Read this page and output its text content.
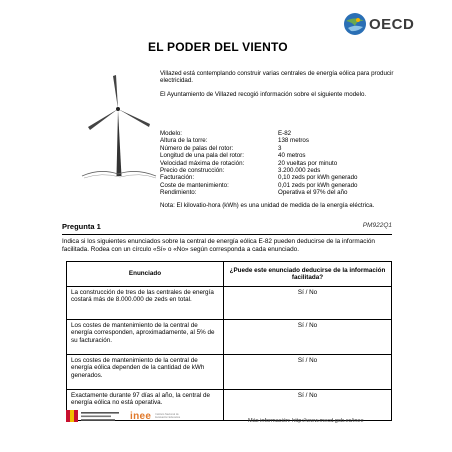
OECD
EL PODER DEL VIENTO

Villazed está contemplando construir varias centrales de energía eólica para producir electricidad.

El Ayuntamiento de Villazed recogió información sobre el siguiente modelo.

Modelo:	E-82
Altura de la torre:	138 metros
Número de palas del rotor:	3
Longitud de una pala del rotor:	40 metros
Velocidad máxima de rotación:	20 vueltas por minuto
Precio de construcción:	3.200.000 zeds
Facturación:	0,10 zeds por kWh generado
Coste de mantenimiento:	0,01 zeds por kWh generado
Rendimiento:	Operativa el 97% del año
Nota: El kilovatio-hora (kWh) es una unidad de medida de la energía eléctrica.
Pregunta 1	PM922Q1
Indica si los siguientes enunciados sobre la central de energía eólica E-82 pueden deducirse de la información facilitada. Rodea con un círculo «Sí» o «No» según corresponda a cada enunciado.
Enunciado	¿Puede este enunciado deducirse de la información facilitada?
La construcción de tres de las centrales de energía costará más de 8.000.000 de zeds en total.	Sí / No
Los costes de mantenimiento de la central de energía corresponden, aproximadamente, al 5% de su facturación.	Sí / No
Los costes de mantenimiento de la central de energía eólica dependen de la cantidad de kWh generados.	Sí / No
Exactamente durante 97 días al año, la central de energía eólica no está operativa.	Sí / No
inee Instituto Nacional de Evaluación Educativa
Más información: http://www.mecd.gob.es/inee
